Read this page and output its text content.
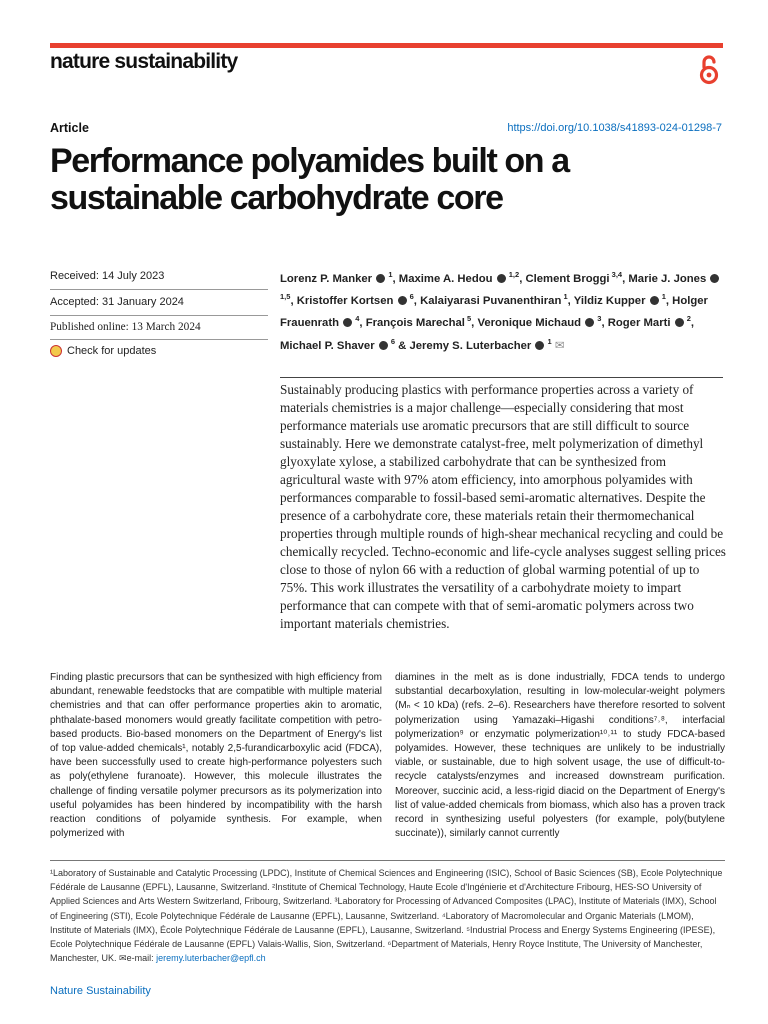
nature sustainability
Article	https://doi.org/10.1038/s41893-024-01298-7
Performance polyamides built on a sustainable carbohydrate core
Received: 14 July 2023
Accepted: 31 January 2024
Published online: 13 March 2024
Check for updates
Lorenz P. Manker  $^1$, Maxime A. Hedou  $^{1,2}$, Clement Broggi $^{3,4}$, Marie J. Jones  $^{1,5}$, Kristoffer Kortsen  $^6$, Kalaiyarasi Puvanenthiran $^1$, Yildiz Kupper  $^1$, Holger Frauenrath  $^4$, François Marechal $^5$, Veronique Michaud  $^3$, Roger Marti  $^2$, Michael P. Shaver  $^6$ & Jeremy S. Luterbacher  $^1$ ✉

Sustainably producing plastics with performance properties across a variety of materials chemistries is a major challenge—especially considering that most performance materials use aromatic precursors that are still difficult to source sustainably. Here we demonstrate catalyst-free, melt polymerization of dimethyl glyoxylate xylose, a stabilized carbohydrate that can be synthesized from agricultural waste with 97% atom efficiency, into amorphous polyamides with performances comparable to fossil-based semi-aromatic alternatives. Despite the presence of a carbohydrate core, these materials retain their thermomechanical properties through multiple rounds of high-shear mechanical recycling and could be chemically recycled. Techno-economic and life-cycle analyses suggest selling prices close to those of nylon 66 with a reduction of global warming potential of up to 75%. This work illustrates the versatility of a carbohydrate moiety to impart performance that can compete with that of semi-aromatic polymers across two important materials chemistries.

Finding plastic precursors that can be synthesized with high efficiency from abundant, renewable feedstocks that are compatible with multiple material chemistries and that can offer performance properties akin to aromatic, phthalate-based monomers would greatly facilitate competition with petro-based products. Bio-based monomers on the Department of Energy's list of top value-added chemicals¹, notably 2,5-furandicarboxylic acid (FDCA), have been successfully used to create high-performance polyesters such as poly(ethylene furanoate). However, this molecule illustrates the challenge of finding versatile polymer precursors as its polymerization into useful polyamides has been hindered by incompatibility with the harsh reaction conditions of polyamide synthesis. For example, when polymerized with

diamines in the melt as is done industrially, FDCA tends to undergo substantial decarboxylation, resulting in low-molecular-weight polymers (Mₙ < 10 kDa) (refs. 2–6). Researchers have therefore resorted to solvent polymerization using Yamazaki–Higashi conditions⁷˒⁸, interfacial polymerization⁹ or enzymatic polymerization¹⁰˒¹¹ to study FDCA-based polyamides. However, these techniques are unlikely to be industrially viable, or sustainable, due to high solvent usage, the use of difficult-to-recycle catalysts/enzymes and increased downstream purification. Moreover, succinic acid, a less-rigid diacid on the Department of Energy's list of value-added chemicals from biomass, which also has a proven track record in synthesizing useful polyesters (for example, poly(butylene succinate)), similarly cannot currently

¹Laboratory of Sustainable and Catalytic Processing (LPDC), Institute of Chemical Sciences and Engineering (ISIC), School of Basic Sciences (SB), Ecole Polytechnique Fédérale de Lausanne (EPFL), Lausanne, Switzerland. ²Institute of Chemical Technology, Haute Ecole d'Ingénierie et d'Architecture Fribourg, HES-SO University of Applied Sciences and Arts Western Switzerland, Fribourg, Switzerland. ³Laboratory for Processing of Advanced Composites (LPAC), Institute of Materials (IMX), School of Engineering (STI), Ecole Polytechnique Fédérale de Lausanne (EPFL), Lausanne, Switzerland. ⁴Laboratory of Macromolecular and Organic Materials (LMOM), Institute of Materials (IMX), École Polytechnique Fédérale de Lausanne (EPFL), Lausanne, Switzerland. ⁵Industrial Process and Energy Systems Engineering (IPESE), Ecole Polytechnique Fédérale de Lausanne (EPFL) Valais-Wallis, Sion, Switzerland. ⁶Department of Materials, Henry Royce Institute, The University of Manchester, Manchester, UK. ✉e-mail: jeremy.luterbacher@epfl.ch

Nature Sustainability
